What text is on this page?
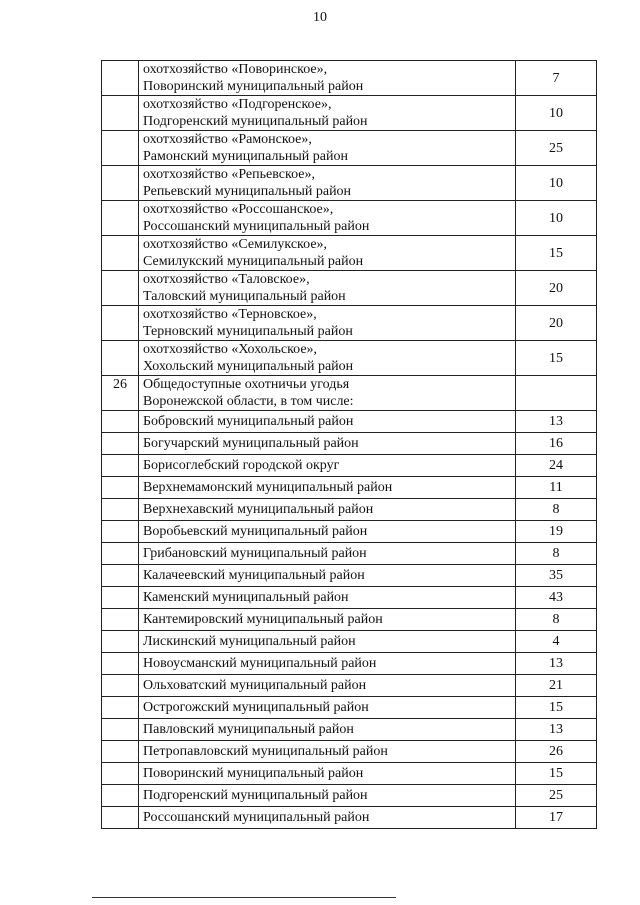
10
	охотхозяйство «Поворинское»,
Поворинский муниципальный район	7
	охотхозяйство «Подгоренское»,
Подгоренский муниципальный район	10
	охотхозяйство «Рамонское»,
Рамонский муниципальный район	25
	охотхозяйство «Репьевское»,
Репьевский муниципальный район	10
	охотхозяйство «Россошанское»,
Россошанский муниципальный район	10
	охотхозяйство «Семилукское»,
Семилукский муниципальный район	15
	охотхозяйство «Таловское»,
Таловский муниципальный район	20
	охотхозяйство «Терновское»,
Терновский муниципальный район	20
	охотхозяйство «Хохольское»,
Хохольский муниципальный район	15
26	Общедоступные охотничьи угодья
Воронежской области, в том числе:	
	Бобровский муниципальный район	13
	Богучарский муниципальный район	16
	Борисоглебский городской округ	24
	Верхнемамонский муниципальный район	11
	Верхнехавский муниципальный район	8
	Воробьевский муниципальный район	19
	Грибановский муниципальный район	8
	Калачеевский муниципальный район	35
	Каменский муниципальный район	43
	Кантемировский муниципальный район	8
	Лискинский муниципальный район	4
	Новоусманский муниципальный район	13
	Ольховатский муниципальный район	21
	Острогожский муниципальный район	15
	Павловский муниципальный район	13
	Петропавловский муниципальный район	26
	Поворинский муниципальный район	15
	Подгоренский муниципальный район	25
	Россошанский муниципальный район	17
